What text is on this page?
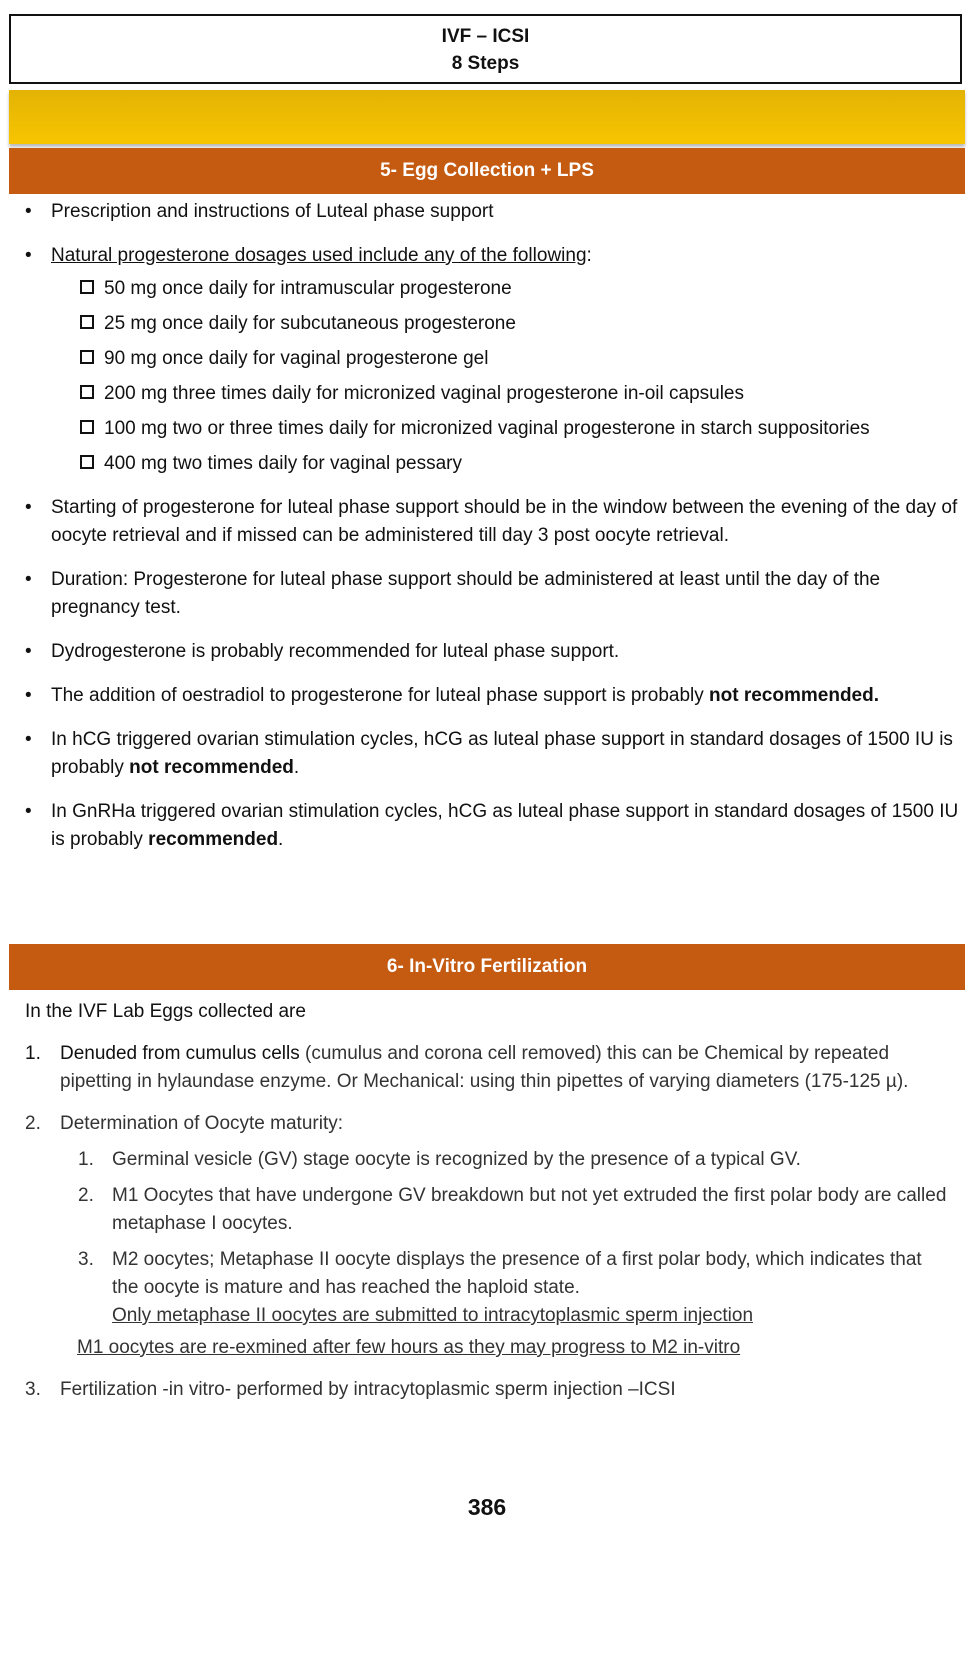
IVF – ICSI
8 Steps
5- Egg Collection + LPS
• Prescription and instructions of Luteal phase support
• Natural progesterone dosages used include any of the following:
50 mg once daily for intramuscular progesterone
25 mg once daily for subcutaneous progesterone
90 mg once daily for vaginal progesterone gel
200 mg three times daily for micronized vaginal progesterone in-oil capsules
100 mg two or three times daily for micronized vaginal progesterone in starch suppositories
400 mg two times daily for vaginal pessary
• Starting of progesterone for luteal phase support should be in the window between the evening of the day of oocyte retrieval and if missed can be administered till day 3 post oocyte retrieval.
• Duration: Progesterone for luteal phase support should be administered at least until the day of the pregnancy test.
• Dydrogesterone is probably recommended for luteal phase support.
• The addition of oestradiol to progesterone for luteal phase support is probably not recommended.
• In hCG triggered ovarian stimulation cycles, hCG as luteal phase support in standard dosages of 1500 IU is probably not recommended.
• In GnRHa triggered ovarian stimulation cycles, hCG as luteal phase support in standard dosages of 1500 IU is probably recommended.
6- In-Vitro Fertilization
In the IVF Lab Eggs collected are
1. Denuded from cumulus cells (cumulus and corona cell removed) this can be Chemical by repeated pipetting in hylaundase enzyme. Or Mechanical: using thin pipettes of varying diameters (175-125 µ).
2. Determination of Oocyte maturity:
1. Germinal vesicle (GV) stage oocyte is recognized by the presence of a typical GV.
2. M1 Oocytes that have undergone GV breakdown but not yet extruded the first polar body are called metaphase I oocytes.
3. M2 oocytes; Metaphase II oocyte displays the presence of a first polar body, which indicates that the oocyte is mature and has reached the haploid state.
Only metaphase II oocytes are submitted to intracytoplasmic sperm injection
M1 oocytes are re-exmined after few hours as they may progress to M2 in-vitro
3. Fertilization -in vitro- performed by intracytoplasmic sperm injection –ICSI
386
